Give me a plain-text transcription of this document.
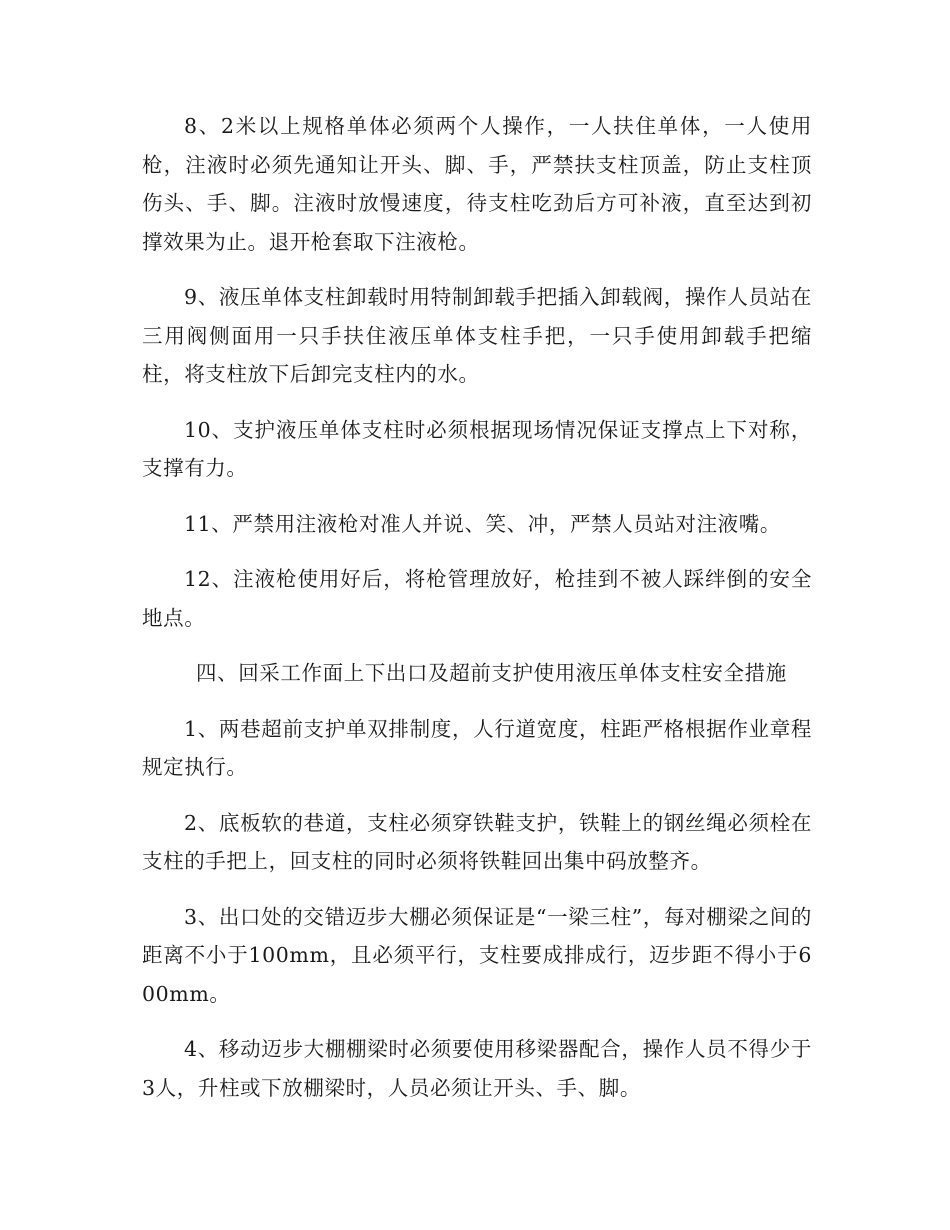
8、2米以上规格单体必须两个人操作，一人扶住单体，一人使用枪，注液时必须先通知让开头、脚、手，严禁扶支柱顶盖，防止支柱顶伤头、手、脚。注液时放慢速度，待支柱吃劲后方可补液，直至达到初撑效果为止。退开枪套取下注液枪。

9、液压单体支柱卸载时用特制卸载手把插入卸载阀，操作人员站在三用阀侧面用一只手扶住液压单体支柱手把，一只手使用卸载手把缩柱，将支柱放下后卸完支柱内的水。

10、支护液压单体支柱时必须根据现场情况保证支撑点上下对称，支撑有力。

11、严禁用注液枪对准人并说、笑、冲，严禁人员站对注液嘴。

12、注液枪使用好后，将枪管理放好，枪挂到不被人踩绊倒的安全地点。

四、回采工作面上下出口及超前支护使用液压单体支柱安全措施

1、两巷超前支护单双排制度，人行道宽度，柱距严格根据作业章程规定执行。

2、底板软的巷道，支柱必须穿铁鞋支护，铁鞋上的钢丝绳必须栓在支柱的手把上，回支柱的同时必须将铁鞋回出集中码放整齐。

3、出口处的交错迈步大棚必须保证是“一梁三柱”，每对棚梁之间的距离不小于100mm，且必须平行，支柱要成排成行，迈步距不得小于600mm。

4、移动迈步大棚棚梁时必须要使用移梁器配合，操作人员不得少于3人，升柱或下放棚梁时，人员必须让开头、手、脚。
